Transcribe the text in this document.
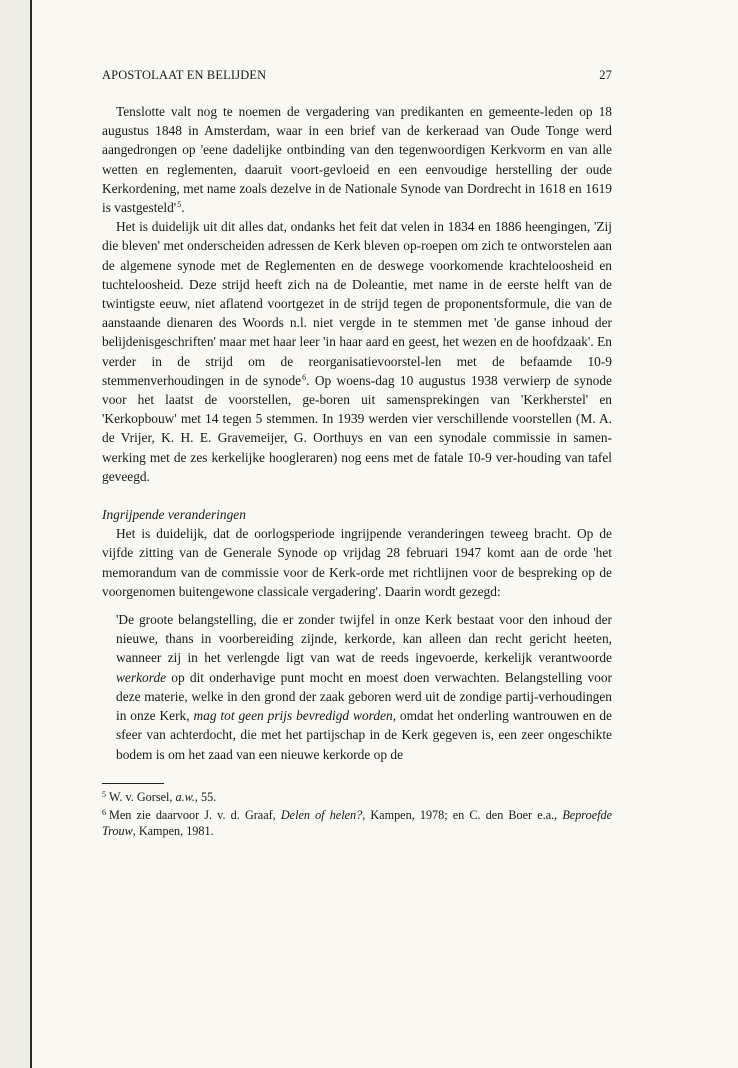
APOSTOLAAT EN BELIJDEN	27

Tenslotte valt nog te noemen de vergadering van predikanten en gemeente-leden op 18 augustus 1848 in Amsterdam, waar in een brief van de kerkeraad van Oude Tonge werd aangedrongen op 'eene dadelijke ontbinding van den tegenwoordigen Kerkvorm en van alle wetten en reglementen, daaruit voort-gevloeid en een eenvoudige herstelling der oude Kerkordening, met name zoals dezelve in de Nationale Synode van Dordrecht in 1618 en 1619 is $vastgesteld'^5$.

Het is duidelijk uit dit alles dat, ondanks het feit dat velen in 1834 en 1886 heengingen, 'Zij die bleven' met onderscheiden adressen de Kerk bleven op-roepen om zich te ontworstelen aan de algemene synode met de Reglementen en de deswege voorkomende krachteloosheid en tuchteloosheid. Deze strijd heeft zich na de Doleantie, met name in de eerste helft van de twintigste eeuw, niet aflatend voortgezet in de strijd tegen de proponentsformule, die van de aanstaande dienaren des Woords n.l. niet vergde in te stemmen met 'de ganse inhoud der belijdenisgeschriften' maar met haar leer 'in haar aard en geest, het wezen en de hoofdzaak'. En verder in de strijd om de reorganisatievoorstel-len met de befaamde 10-9 stemmenverhoudingen in de synode$^6$. Op woens-dag 10 augustus 1938 verwierp de synode voor het laatst de voorstellen, ge-boren uit samensprekingen van 'Kerkherstel' en 'Kerkopbouw' met 14 tegen 5 stemmen. In 1939 werden vier verschillende voorstellen (M. A. de Vrijer, K. H. E. Gravemeijer, G. Oorthuys en van een synodale commissie in samen-werking met de zes kerkelijke hoogleraren) nog eens met de fatale 10-9 ver-houding van tafel geveegd.

Ingrijpende veranderingen

Het is duidelijk, dat de oorlogsperiode ingrijpende veranderingen teweeg bracht. Op de vijfde zitting van de Generale Synode op vrijdag 28 februari 1947 komt aan de orde 'het memorandum van de commissie voor de Kerk-orde met richtlijnen voor de bespreking op de voorgenomen buitengewone classicale vergadering'. Daarin wordt gezegd:

'De groote belangstelling, die er zonder twijfel in onze Kerk bestaat voor den inhoud der nieuwe, thans in voorbereiding zijnde, kerkorde, kan alleen dan recht gericht heeten, wanneer zij in het verlengde ligt van wat de reeds ingevoerde, kerkelijk verantwoorde werkorde op dit onderhavige punt mocht en moest doen verwachten. Belangstelling voor deze materie, welke in den grond der zaak geboren werd uit de zondige partij-verhoudingen in onze Kerk, mag tot geen prijs bevredigd worden, omdat het onderling wantrouwen en de sfeer van achterdocht, die met het partijschap in de Kerk gegeven is, een zeer ongeschikte bodem is om het zaad van een nieuwe kerkorde op de

$^5$ W. v. Gorsel, a.w., 55.

$^6$ Men zie daarvoor J. v. d. Graaf, Delen of helen?, Kampen, 1978; en C. den Boer e.a., Beproefde Trouw, Kampen, 1981.
